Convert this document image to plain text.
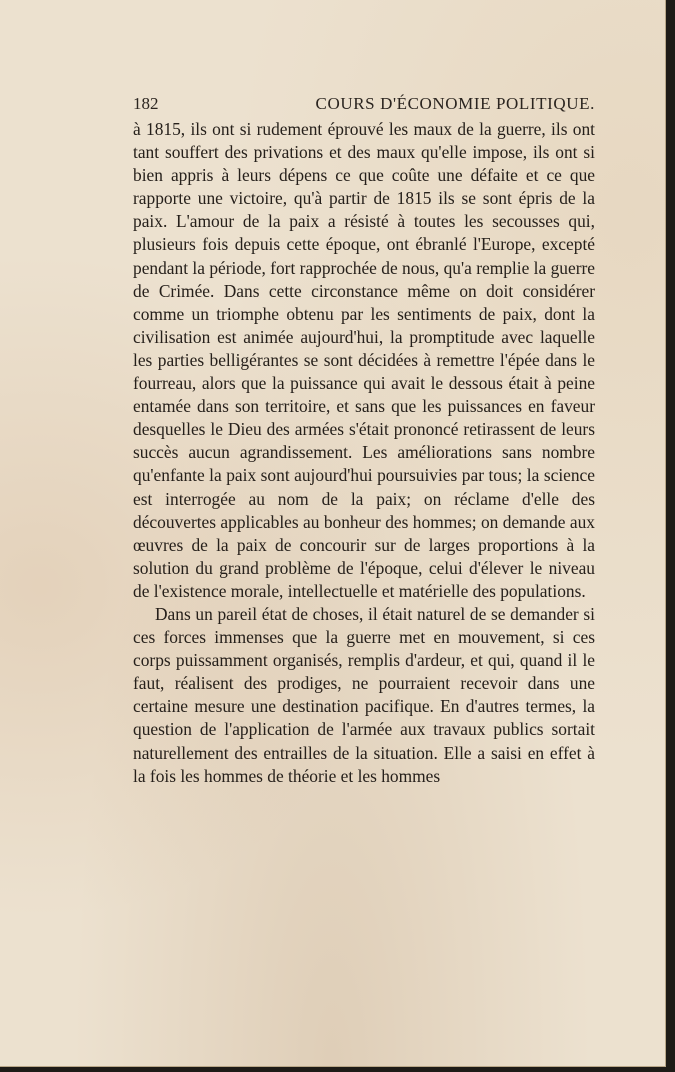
182	COURS D'ÉCONOMIE POLITIQUE.

à 1815, ils ont si rudement éprouvé les maux de la guerre, ils ont tant souffert des privations et des maux qu'elle impose, ils ont si bien appris à leurs dépens ce que coûte une défaite et ce que rapporte une victoire, qu'à partir de 1815 ils se sont épris de la paix. L'amour de la paix a résisté à toutes les secousses qui, plusieurs fois depuis cette époque, ont ébranlé l'Europe, excepté pendant la période, fort rapprochée de nous, qu'a remplie la guerre de Crimée. Dans cette circonstance même on doit considérer comme un triomphe obtenu par les sentiments de paix, dont la civilisation est animée aujourd'hui, la promptitude avec laquelle les parties belligérantes se sont décidées à remettre l'épée dans le fourreau, alors que la puissance qui avait le dessous était à peine entamée dans son territoire, et sans que les puissances en faveur desquelles le Dieu des armées s'était prononcé retirassent de leurs succès aucun agrandissement. Les améliorations sans nombre qu'enfante la paix sont aujourd'hui poursuivies par tous; la science est interrogée au nom de la paix; on réclame d'elle des découvertes applicables au bonheur des hommes; on demande aux œuvres de la paix de concourir sur de larges proportions à la solution du grand problème de l'époque, celui d'élever le niveau de l'existence morale, intellectuelle et matérielle des populations.

Dans un pareil état de choses, il était naturel de se demander si ces forces immenses que la guerre met en mouvement, si ces corps puissamment organisés, remplis d'ardeur, et qui, quand il le faut, réalisent des prodiges, ne pourraient recevoir dans une certaine mesure une destination pacifique. En d'autres termes, la question de l'application de l'armée aux travaux publics sortait naturellement des entrailles de la situation. Elle a saisi en effet à la fois les hommes de théorie et les hommes
